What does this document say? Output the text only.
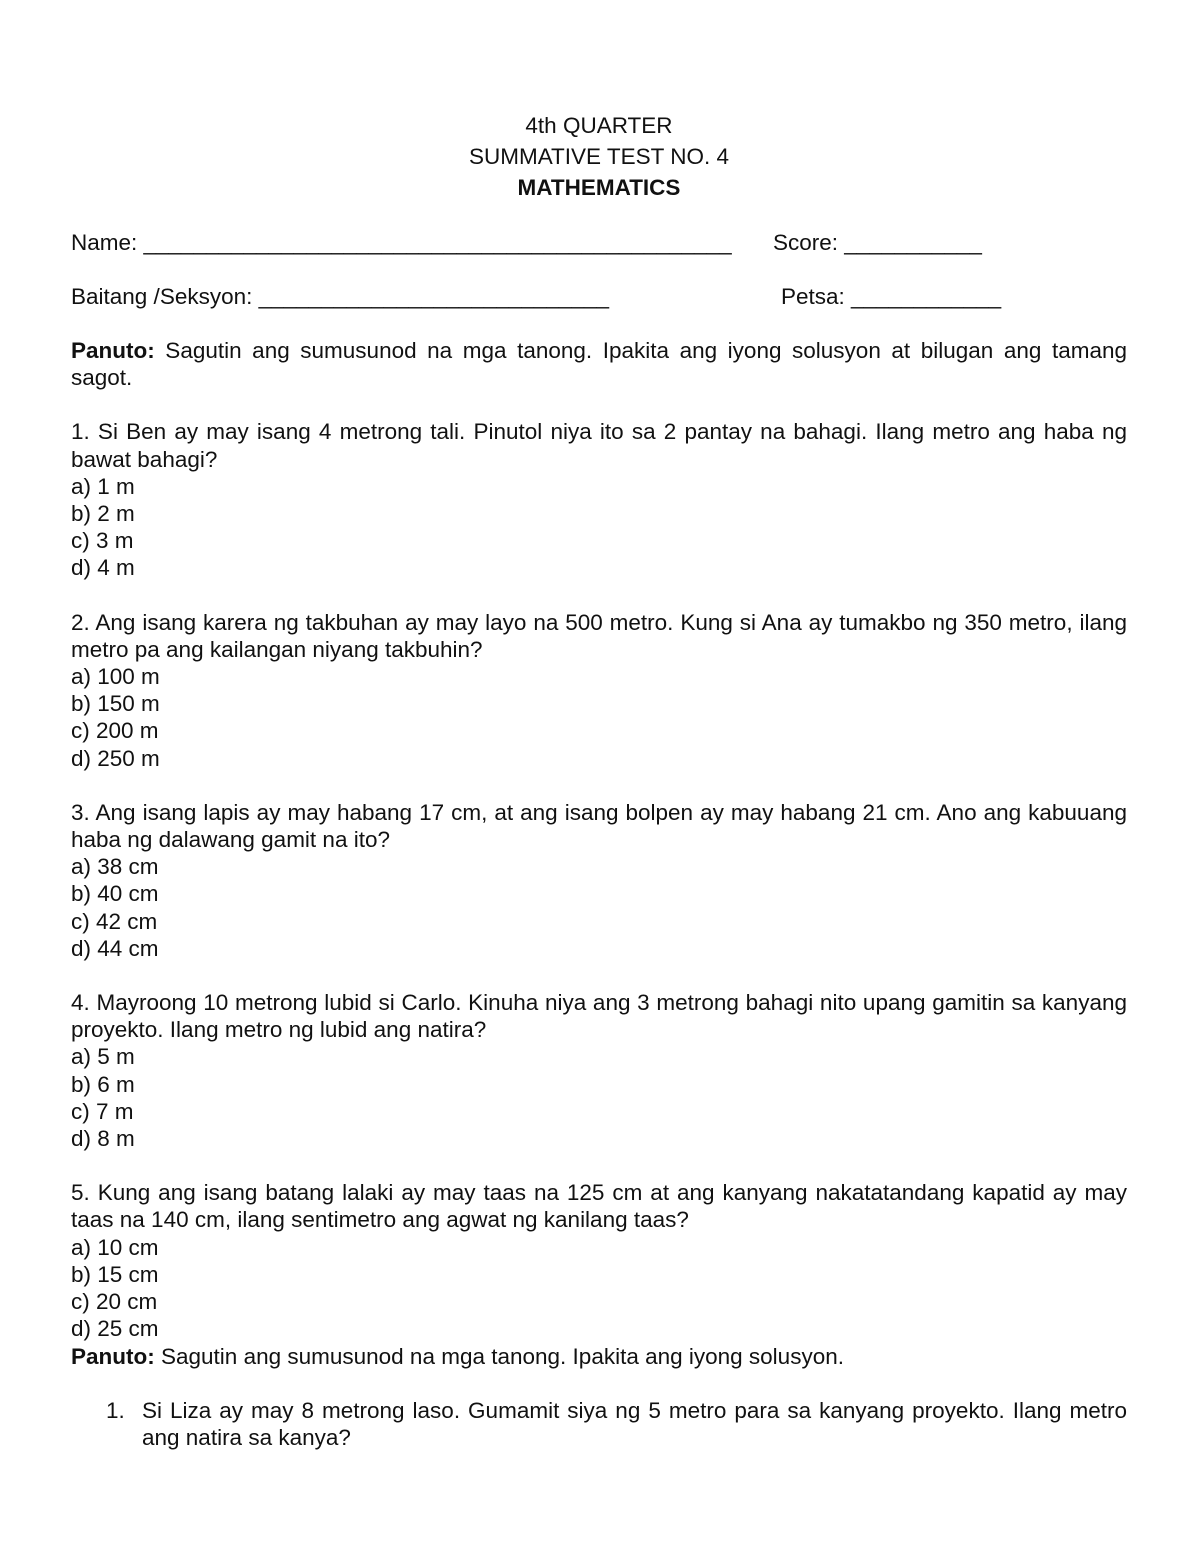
4th QUARTER
SUMMATIVE TEST NO. 4
MATHEMATICS
Name: _______________________________________________ Score: ___________
Baitang /Seksyon: ____________________________	Petsa: ____________
Panuto: Sagutin ang sumusunod na mga tanong. Ipakita ang iyong solusyon at bilugan ang tamang sagot.
1. Si Ben ay may isang 4 metrong tali. Pinutol niya ito sa 2 pantay na bahagi. Ilang metro ang haba ng bawat bahagi?
a) 1 m
b) 2 m
c) 3 m
d) 4 m
2. Ang isang karera ng takbuhan ay may layo na 500 metro. Kung si Ana ay tumakbo ng 350 metro, ilang metro pa ang kailangan niyang takbuhin?
a) 100 m
b) 150 m
c) 200 m
d) 250 m
3. Ang isang lapis ay may habang 17 cm, at ang isang bolpen ay may habang 21 cm. Ano ang kabuuang haba ng dalawang gamit na ito?
a) 38 cm
b) 40 cm
c) 42 cm
d) 44 cm
4. Mayroong 10 metrong lubid si Carlo. Kinuha niya ang 3 metrong bahagi nito upang gamitin sa kanyang proyekto. Ilang metro ng lubid ang natira?
a) 5 m
b) 6 m
c) 7 m
d) 8 m
5. Kung ang isang batang lalaki ay may taas na 125 cm at ang kanyang nakatatandang kapatid ay may taas na 140 cm, ilang sentimetro ang agwat ng kanilang taas?
a) 10 cm
b) 15 cm
c) 20 cm
d) 25 cm
Panuto: Sagutin ang sumusunod na mga tanong. Ipakita ang iyong solusyon.
1. Si Liza ay may 8 metrong laso. Gumamit siya ng 5 metro para sa kanyang proyekto. Ilang metro ang natira sa kanya?
